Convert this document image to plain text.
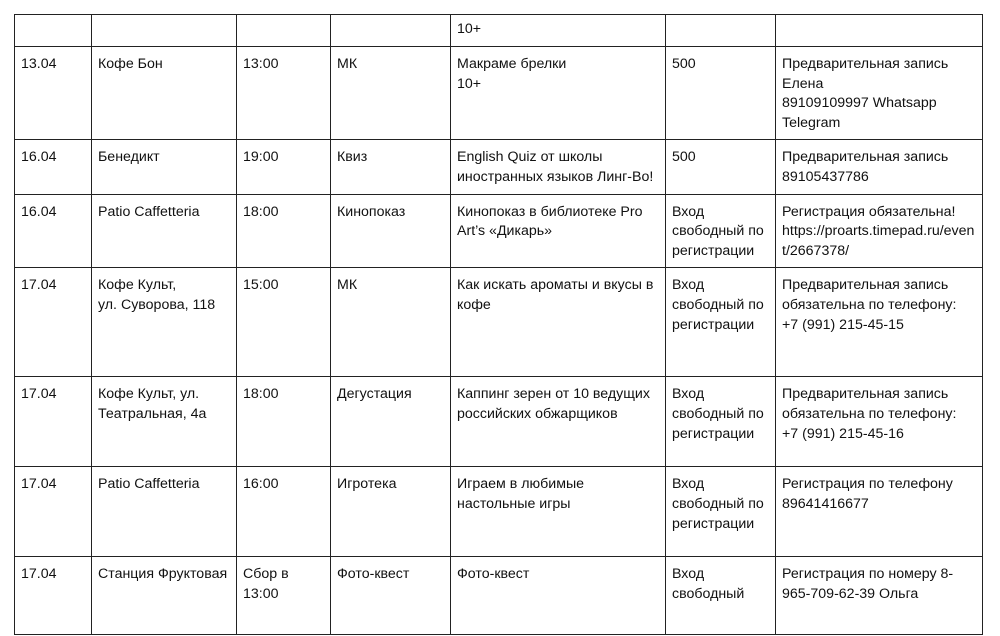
				10+		
13.04	Кофе Бон	13:00	МК	Макраме брелки
10+	500	Предварительная запись
Елена
89109109997 Whatsapp
Telegram
16.04	Бенедикт	19:00	Квиз	English Quiz от школы иностранных языков Линг-Во!	500	Предварительная запись
89105437786
16.04	Patio Caffetteria	18:00	Кинопоказ	Кинопоказ в библиотеке Pro Art’s «Дикарь»	Вход свободный по регистрации	Регистрация обязательна!
https://proarts.timepad.ru/event/2667378/
17.04	Кофе Культ,
ул. Суворова, 118	15:00	МК	Как искать ароматы и вкусы в кофе	Вход свободный по регистрации	Предварительная запись обязательна по телефону: +7 (991) 215-45-15
17.04	Кофе Культ, ул. Театральная, 4а	18:00	Дегустация	Каппинг зерен от 10 ведущих российских обжарщиков	Вход свободный по регистрации	Предварительная запись обязательна по телефону: +7 (991) 215-45-16
17.04	Patio Caffetteria	16:00	Игротека	Играем в любимые настольные игры	Вход свободный по регистрации	Регистрация по телефону 89641416677
17.04	Станция Фруктовая	Сбор в 13:00	Фото-квест	Фото-квест	Вход свободный	Регистрация по номеру 8-965-709-62-39 Ольга
